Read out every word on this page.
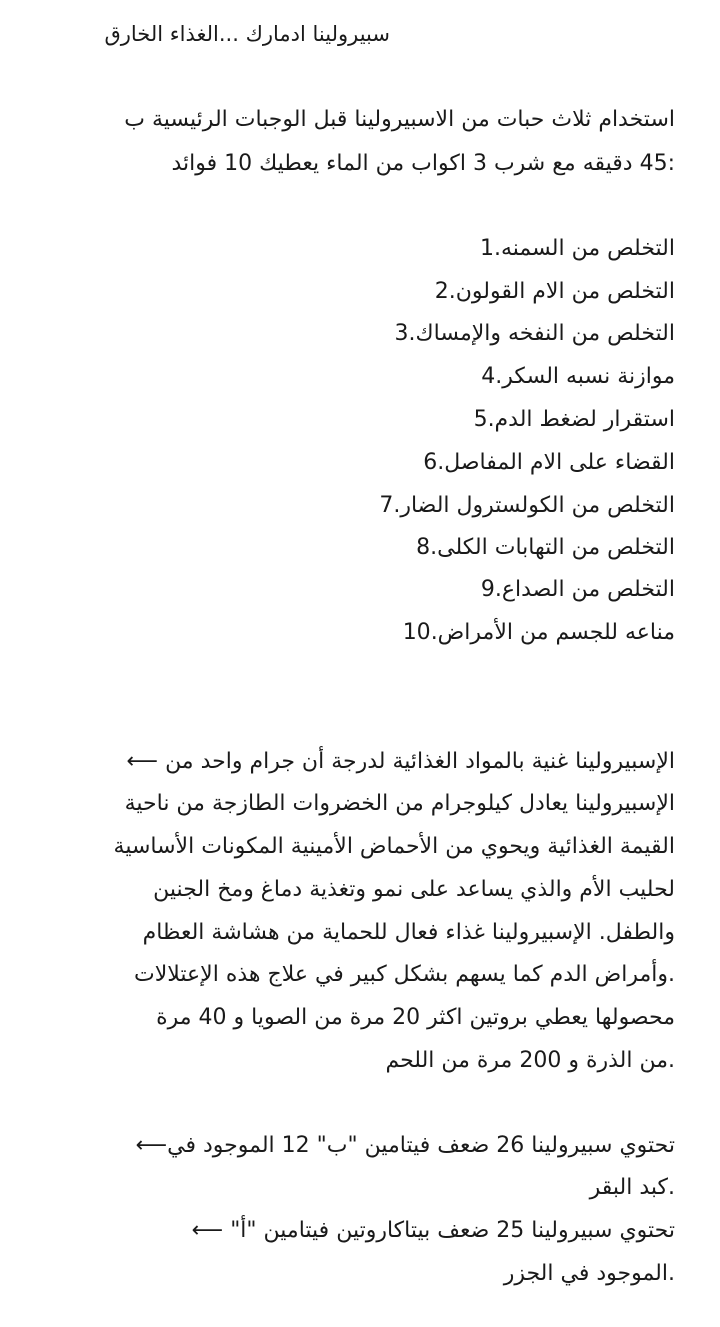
سبيرولينا ادمارك ...الغذاء الخارق
استخدام ثلاث حبات من الاسبيرولينا قبل الوجبات الرئيسية ب
:45 دقيقه مع شرب 3 اكواب من الماء يعطيك 10 فوائد
التخلص من السمنه.1
التخلص من الام القولون.2
التخلص من النفخه والإمساك.3
موازنة نسبه السكر.4
استقرار لضغط الدم.5
القضاء على الام المفاصل.6
التخلص من الكولسترول الضار.7
التخلص من التهابات الكلى.8
التخلص من الصداع.9
مناعه للجسم من الأمراض.10
الإسبيرولينا غنية بالمواد الغذائية لدرجة أن جرام واحد من ⟵
الإسبيرولينا يعادل كيلوجرام من الخضروات الطازجة من ناحية
القيمة الغذائية ويحوي من الأحماض الأمينية المكونات الأساسية
لحليب الأم والذي يساعد على نمو وتغذية دماغ ومخ الجنين
والطفل. الإسبيرولينا غذاء فعال للحماية من هشاشة العظام
.وأمراض الدم كما يسهم بشكل كبير في علاج هذه الإعتلالات
محصولها يعطي بروتين اكثر 20 مرة من الصويا و 40 مرة
.من الذرة و 200 مرة من اللحم
تحتوي سبيرولينا 26 ضعف فيتامين "ب" 12 الموجود في⟵
.كبد البقر
تحتوي سبيرولينا 25 ضعف بيتاكاروتين فيتامين "أ" ⟵
.الموجود في الجزر
